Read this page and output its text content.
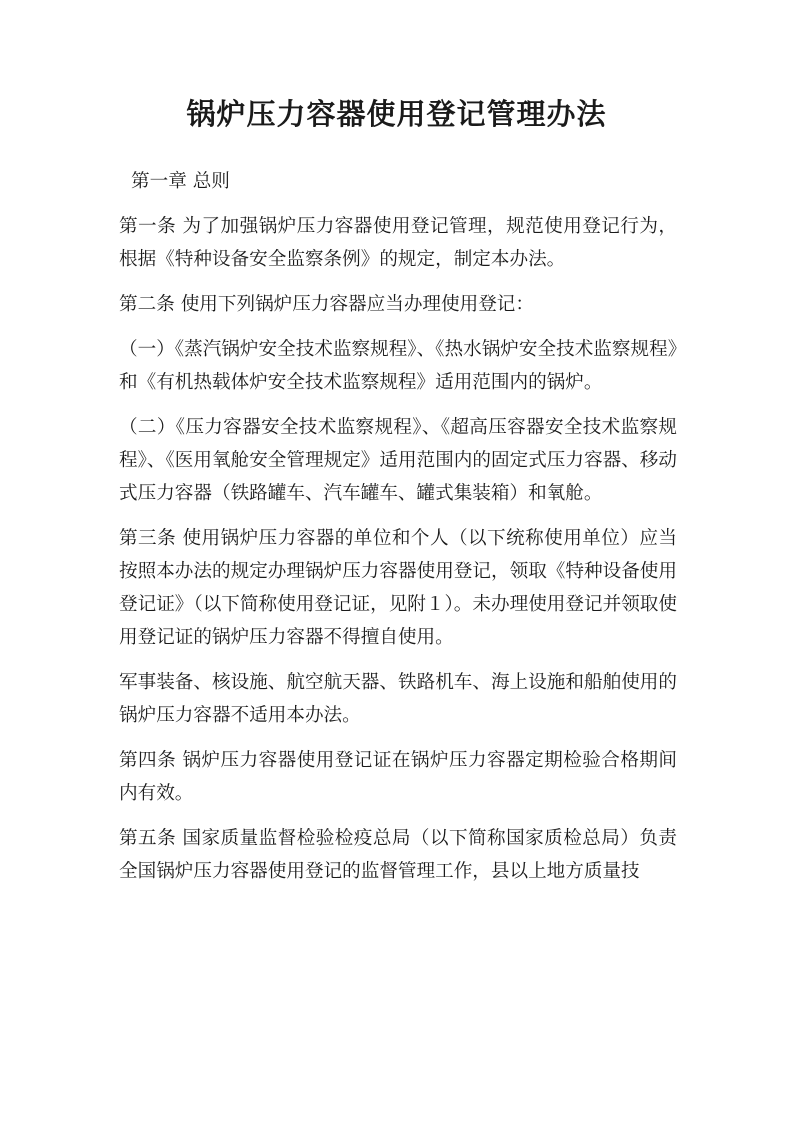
锅炉压力容器使用登记管理办法

第一章 总则

第一条 为了加强锅炉压力容器使用登记管理，规范使用登记行为，根据《特种设备安全监察条例》的规定，制定本办法。

第二条 使用下列锅炉压力容器应当办理使用登记：

（一）《蒸汽锅炉安全技术监察规程》、《热水锅炉安全技术监察规程》和《有机热载体炉安全技术监察规程》适用范围内的锅炉。

（二）《压力容器安全技术监察规程》、《超高压容器安全技术监察规程》、《医用氧舱安全管理规定》适用范围内的固定式压力容器、移动式压力容器（铁路罐车、汽车罐车、罐式集装箱）和氧舱。

第三条 使用锅炉压力容器的单位和个人（以下统称使用单位）应当按照本办法的规定办理锅炉压力容器使用登记，领取《特种设备使用登记证》（以下简称使用登记证，见附１）。未办理使用登记并领取使用登记证的锅炉压力容器不得擅自使用。

军事装备、核设施、航空航天器、铁路机车、海上设施和船舶使用的锅炉压力容器不适用本办法。

第四条 锅炉压力容器使用登记证在锅炉压力容器定期检验合格期间内有效。

第五条 国家质量监督检验检疫总局（以下简称国家质检总局）负责全国锅炉压力容器使用登记的监督管理工作，县以上地方质量技
